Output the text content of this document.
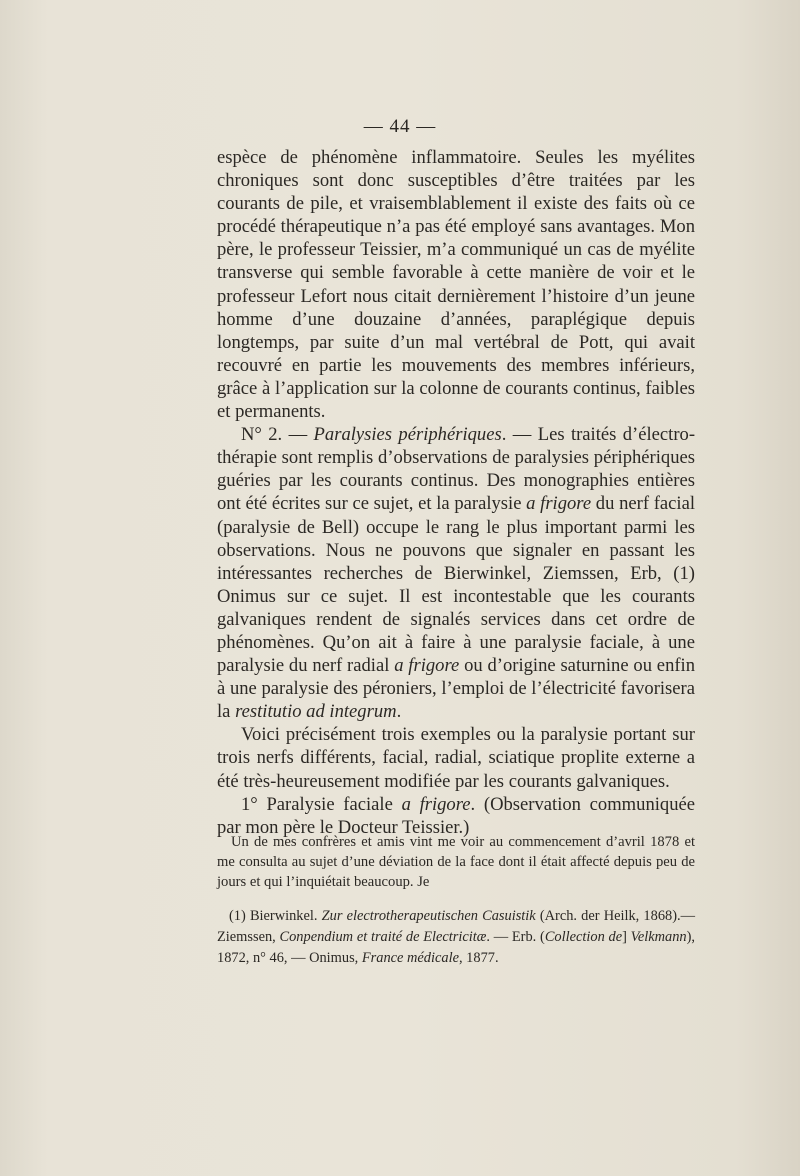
— 44 —

espèce de phénomène inflammatoire. Seules les myélites chroniques sont donc susceptibles d’être traitées par les courants de pile, et vraisemblablement il existe des faits où ce procédé thérapeutique n’a pas été employé sans avantages. Mon père, le professeur Teissier, m’a communiqué un cas de myélite transverse qui semble favorable à cette manière de voir et le professeur Lefort nous citait dernièrement l’histoire d’un jeune homme d’une douzaine d’années, paraplégique depuis longtemps, par suite d’un mal vertébral de Pott, qui avait recouvré en partie les mouvements des membres inférieurs, grâce à l’application sur la colonne de courants continus, faibles et permanents.

N° 2. — Paralysies périphériques. — Les traités d’électro-thérapie sont remplis d’observations de paralysies périphériques guéries par les courants continus. Des monographies entières ont été écrites sur ce sujet, et la paralysie a frigore du nerf facial (paralysie de Bell) occupe le rang le plus important parmi les observations. Nous ne pouvons que signaler en passant les intéressantes recherches de Bierwinkel, Ziemssen, Erb, (1) Onimus sur ce sujet. Il est incontestable que les courants galvaniques rendent de signalés services dans cet ordre de phénomènes. Qu’on ait à faire à une paralysie faciale, à une paralysie du nerf radial a frigore ou d’origine saturnine ou enfin à une paralysie des péroniers, l’emploi de l’électricité favorisera la restitutio ad integrum.

Voici précisément trois exemples ou la paralysie portant sur trois nerfs différents, facial, radial, sciatique proplite externe a été très-heureusement modifiée par les courants galvaniques.

1° Paralysie faciale a frigore. (Observation communiquée par mon père le Docteur Teissier.)

Un de mes confrères et amis vint me voir au commencement d’avril 1878 et me consulta au sujet d’une déviation de la face dont il était affecté depuis peu de jours et qui l’inquiétait beaucoup. Je

(1) Bierwinkel. Zur electrotherapeutischen Casuistik (Arch. der Heilk, 1868).— Ziemssen, Conpendium et traité de Electricitæ. — Erb. (Collection de] Velkmann), 1872, n° 46, — Onimus, France médicale, 1877.
